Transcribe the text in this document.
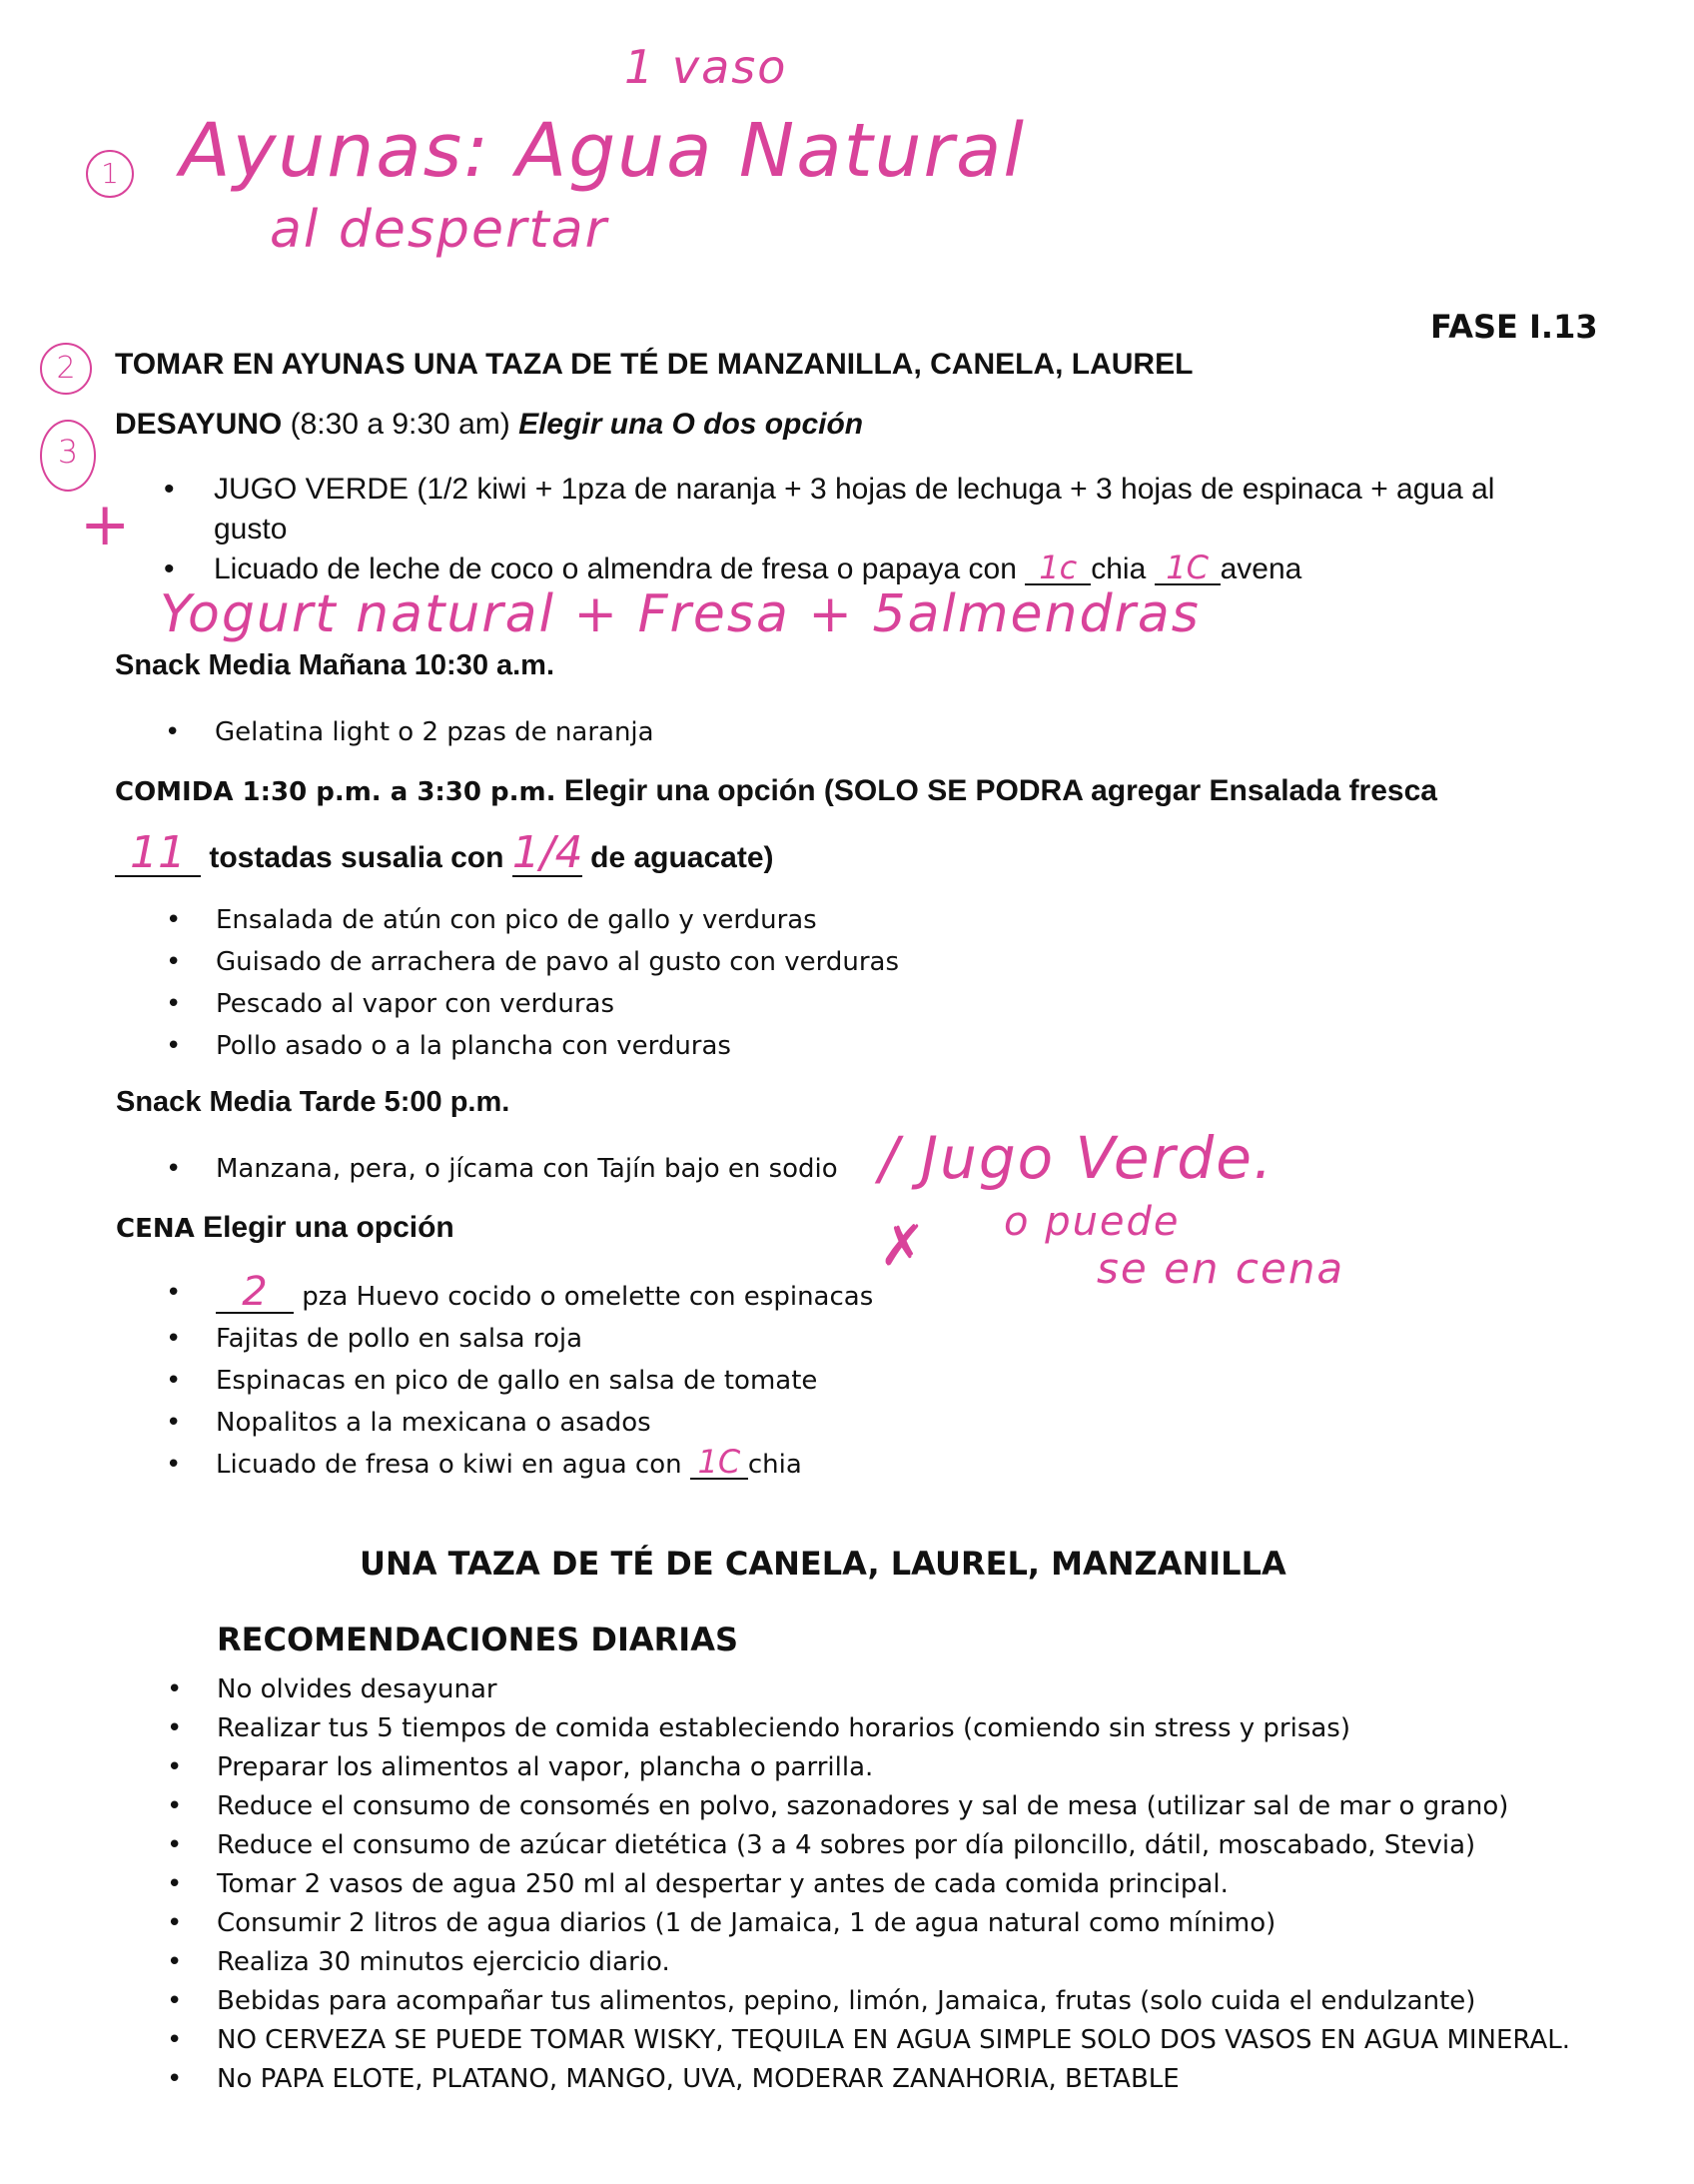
1 vaso
1 Ayunas: Agua Natural
al despertar
FASE I.13
2	TOMAR EN AYUNAS UNA TAZA DE TÉ DE MANZANILLA, CANELA, LAUREL
3
DESAYUNO (8:30 a 9:30 am) Elegir una O dos opción
+
• JUGO VERDE (1/2 kiwi + 1pza de naranja + 3 hojas de lechuga + 3 hojas de espinaca + agua al
gusto
• Licuado de leche de coco o almendra de fresa o papaya con 1c chia 1C avena
Yogurt natural + Fresa + 5almendras
Snack Media Mañana 10:30 a.m.
• Gelatina light o 2 pzas de naranja
COMIDA 1:30 p.m. a 3:30 p.m. Elegir una opción (SOLO SE PODRA agregar Ensalada fresca
11 tostadas susalia con 1/4 de aguacate)
• Ensalada de atún con pico de gallo y verduras
• Guisado de arrachera de pavo al gusto con verduras
• Pescado al vapor con verduras
• Pollo asado o a la plancha con verduras
Snack Media Tarde 5:00 p.m.
• Manzana, pera, o jícama con Tajín bajo en sodio / Jugo Verde.
✗ o puede
se en cena
CENA Elegir una opción
• 2 pza Huevo cocido o omelette con espinacas
• Fajitas de pollo en salsa roja
• Espinacas en pico de gallo en salsa de tomate
• Nopalitos a la mexicana o asados
• Licuado de fresa o kiwi en agua con 1C chia
UNA TAZA DE TÉ DE CANELA, LAUREL, MANZANILLA
RECOMENDACIONES DIARIAS
• No olvides desayunar
• Realizar tus 5 tiempos de comida estableciendo horarios (comiendo sin stress y prisas)
• Preparar los alimentos al vapor, plancha o parrilla.
• Reduce el consumo de consomés en polvo, sazonadores y sal de mesa (utilizar sal de mar o grano)
• Reduce el consumo de azúcar dietética (3 a 4 sobres por día piloncillo, dátil, moscabado, Stevia)
• Tomar 2 vasos de agua 250 ml al despertar y antes de cada comida principal.
• Consumir 2 litros de agua diarios (1 de Jamaica, 1 de agua natural como mínimo)
• Realiza 30 minutos ejercicio diario.
• Bebidas para acompañar tus alimentos, pepino, limón, Jamaica, frutas (solo cuida el endulzante)
• NO CERVEZA SE PUEDE TOMAR WISKY, TEQUILA EN AGUA SIMPLE SOLO DOS VASOS EN AGUA MINERAL.
• No PAPA ELOTE, PLATANO, MANGO, UVA, MODERAR ZANAHORIA, BETABLE
